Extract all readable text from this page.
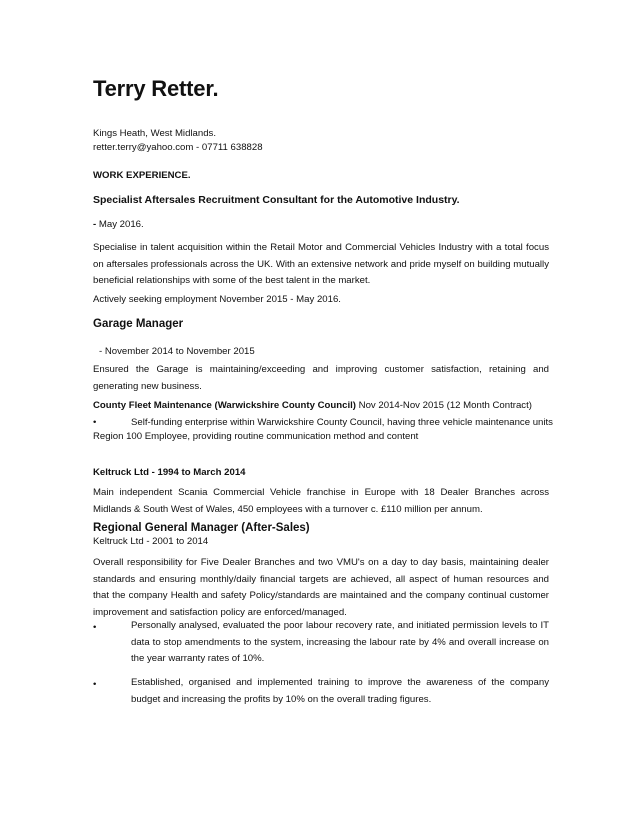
Terry Retter.

Kings Heath, West Midlands.

retter.terry@yahoo.com - 07711 638828

WORK EXPERIENCE.

Specialist Aftersales Recruitment Consultant for the Automotive Industry.

- May 2016.

Specialise in talent acquisition within the Retail Motor and Commercial Vehicles Industry with a total focus on aftersales professionals across the UK. With an extensive network and pride myself on building mutually beneficial relationships with some of the best talent in the market.

Actively seeking employment November 2015 - May 2016.

Garage Manager

- November 2014 to November 2015

Ensured the Garage is maintaining/exceeding and improving customer satisfaction, retaining and generating new business.

County Fleet Maintenance (Warwickshire County Council) Nov 2014-Nov 2015 (12 Month Contract)

•	Self-funding enterprise within Warwickshire County Council, having three vehicle maintenance units

Region 100 Employee, providing routine communication method and content

Keltruck Ltd - 1994 to March 2014

Main independent Scania Commercial Vehicle franchise in Europe with 18 Dealer Branches across Midlands & South West of Wales, 450 employees with a turnover c. £110 million per annum.

Regional General Manager (After-Sales)

Keltruck Ltd - 2001 to 2014

Overall responsibility for Five Dealer Branches and two VMU's on a day to day basis, maintaining dealer standards and ensuring monthly/daily financial targets are achieved, all aspect of human resources and that the company Health and safety Policy/standards are maintained and the company continual customer improvement and satisfaction policy are enforced/managed.

•	Personally analysed, evaluated the poor labour recovery rate, and initiated permission levels to IT data to stop amendments to the system, increasing the labour rate by 4% and overall increase on the year warranty rates of 10%.

•	Established, organised and implemented training to improve the awareness of the company budget and increasing the profits by 10% on the overall trading figures.
